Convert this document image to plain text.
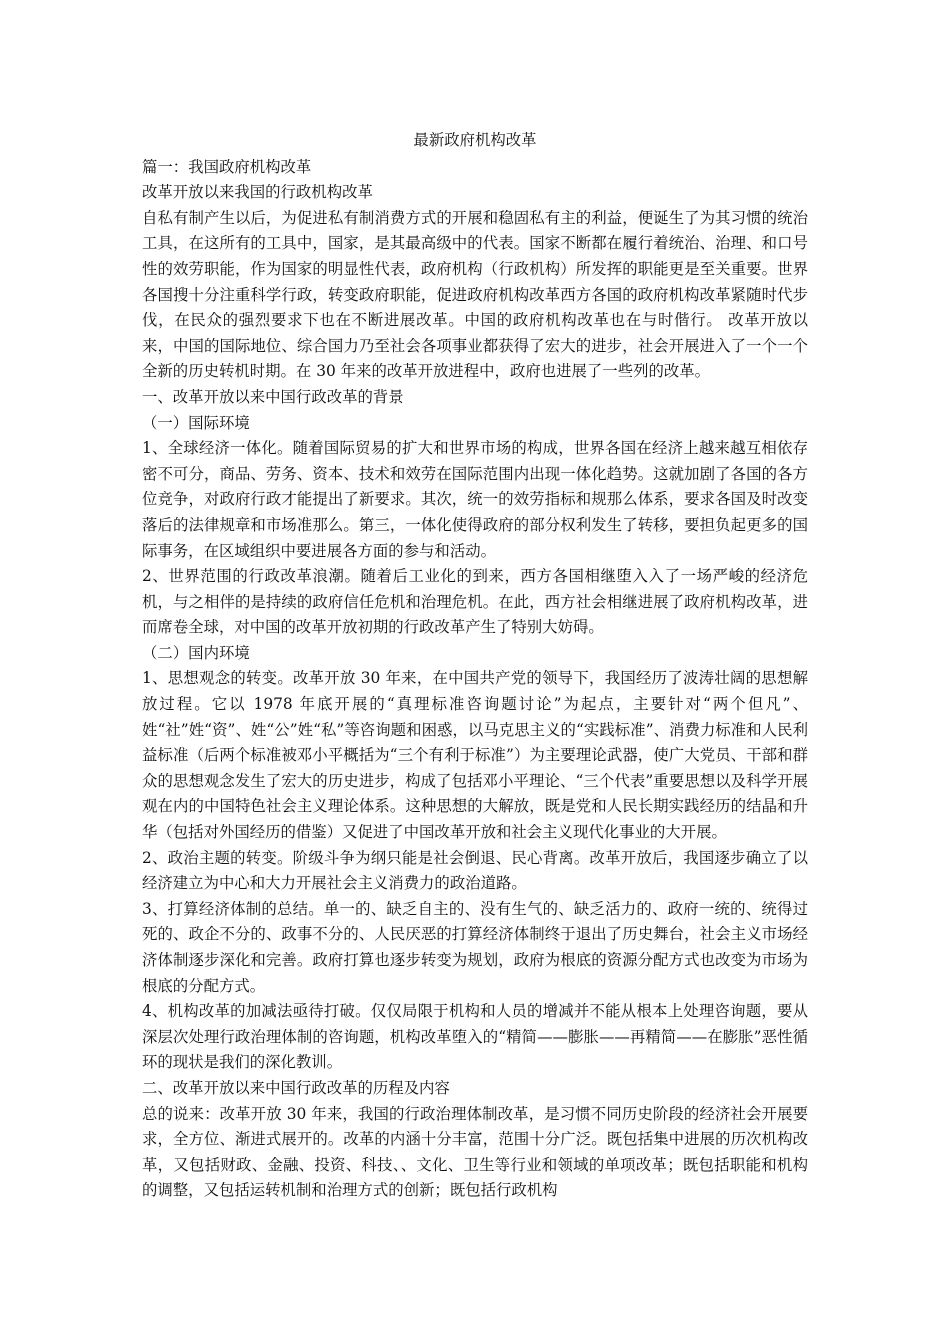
最新政府机构改革

篇一：我国政府机构改革

改革开放以来我国的行政机构改革

自私有制产生以后，为促进私有制消费方式的开展和稳固私有主的利益，便诞生了为其习惯的统治工具，在这所有的工具中，国家，是其最高级中的代表。国家不断都在履行着统治、治理、和口号性的效劳职能，作为国家的明显性代表，政府机构（行政机构）所发挥的职能更是至关重要。世界各国搜十分注重科学行政，转变政府职能，促进政府机构改革西方各国的政府机构改革紧随时代步伐，在民众的强烈要求下也在不断进展改革。中国的政府机构改革也在与时偕行。 改革开放以来，中国的国际地位、综合国力乃至社会各项事业都获得了宏大的进步，社会开展进入了一个一个全新的历史转机时期。在 30 年来的改革开放进程中，政府也进展了一些列的改革。

一、改革开放以来中国行政改革的背景

（一）国际环境

1、全球经济一体化。随着国际贸易的扩大和世界市场的构成，世界各国在经济上越来越互相依存密不可分，商品、劳务、资本、技术和效劳在国际范围内出现一体化趋势。这就加剧了各国的各方位竞争，对政府行政才能提出了新要求。其次，统一的效劳指标和规那么体系，要求各国及时改变落后的法律规章和市场准那么。第三，一体化使得政府的部分权利发生了转移，要担负起更多的国际事务，在区域组织中要进展各方面的参与和活动。

2、世界范围的行政改革浪潮。随着后工业化的到来，西方各国相继堕入入了一场严峻的经济危机，与之相伴的是持续的政府信任危机和治理危机。在此，西方社会相继进展了政府机构改革，进而席卷全球，对中国的改革开放初期的行政改革产生了特别大妨碍。

（二）国内环境

1、思想观念的转变。改革开放 30 年来，在中国共产党的领导下，我国经历了波涛壮阔的思想解放过程。它以 1978 年底开展的“真理标准咨询题讨论”为起点，主要针对“两个但凡”、姓“社”姓“资”、姓“公”姓“私”等咨询题和困惑，以马克思主义的“实践标准”、消费力标准和人民利益标准（后两个标准被邓小平概括为“三个有利于标准”）为主要理论武器，使广大党员、干部和群众的思想观念发生了宏大的历史进步，构成了包括邓小平理论、“三个代表”重要思想以及科学开展观在内的中国特色社会主义理论体系。这种思想的大解放，既是党和人民长期实践经历的结晶和升华（包括对外国经历的借鉴）又促进了中国改革开放和社会主义现代化事业的大开展。

2、政治主题的转变。阶级斗争为纲只能是社会倒退、民心背离。改革开放后，我国逐步确立了以经济建立为中心和大力开展社会主义消费力的政治道路。

3、打算经济体制的总结。单一的、缺乏自主的、没有生气的、缺乏活力的、政府一统的、统得过死的、政企不分的、政事不分的、人民厌恶的打算经济体制终于退出了历史舞台，社会主义市场经济体制逐步深化和完善。政府打算也逐步转变为规划，政府为根底的资源分配方式也改变为市场为根底的分配方式。

4、机构改革的加减法亟待打破。仅仅局限于机构和人员的增减并不能从根本上处理咨询题，要从深层次处理行政治理体制的咨询题，机构改革堕入的“精简——膨胀——再精简——在膨胀”恶性循环的现状是我们的深化教训。

二、改革开放以来中国行政改革的历程及内容

总的说来：改革开放 30 年来，我国的行政治理体制改革，是习惯不同历史阶段的经济社会开展要求，全方位、渐进式展开的。改革的内涵十分丰富，范围十分广泛。既包括集中进展的历次机构改革，又包括财政、金融、投资、科技、、文化、卫生等行业和领域的单项改革；既包括职能和机构的调整，又包括运转机制和治理方式的创新；既包括行政机构
